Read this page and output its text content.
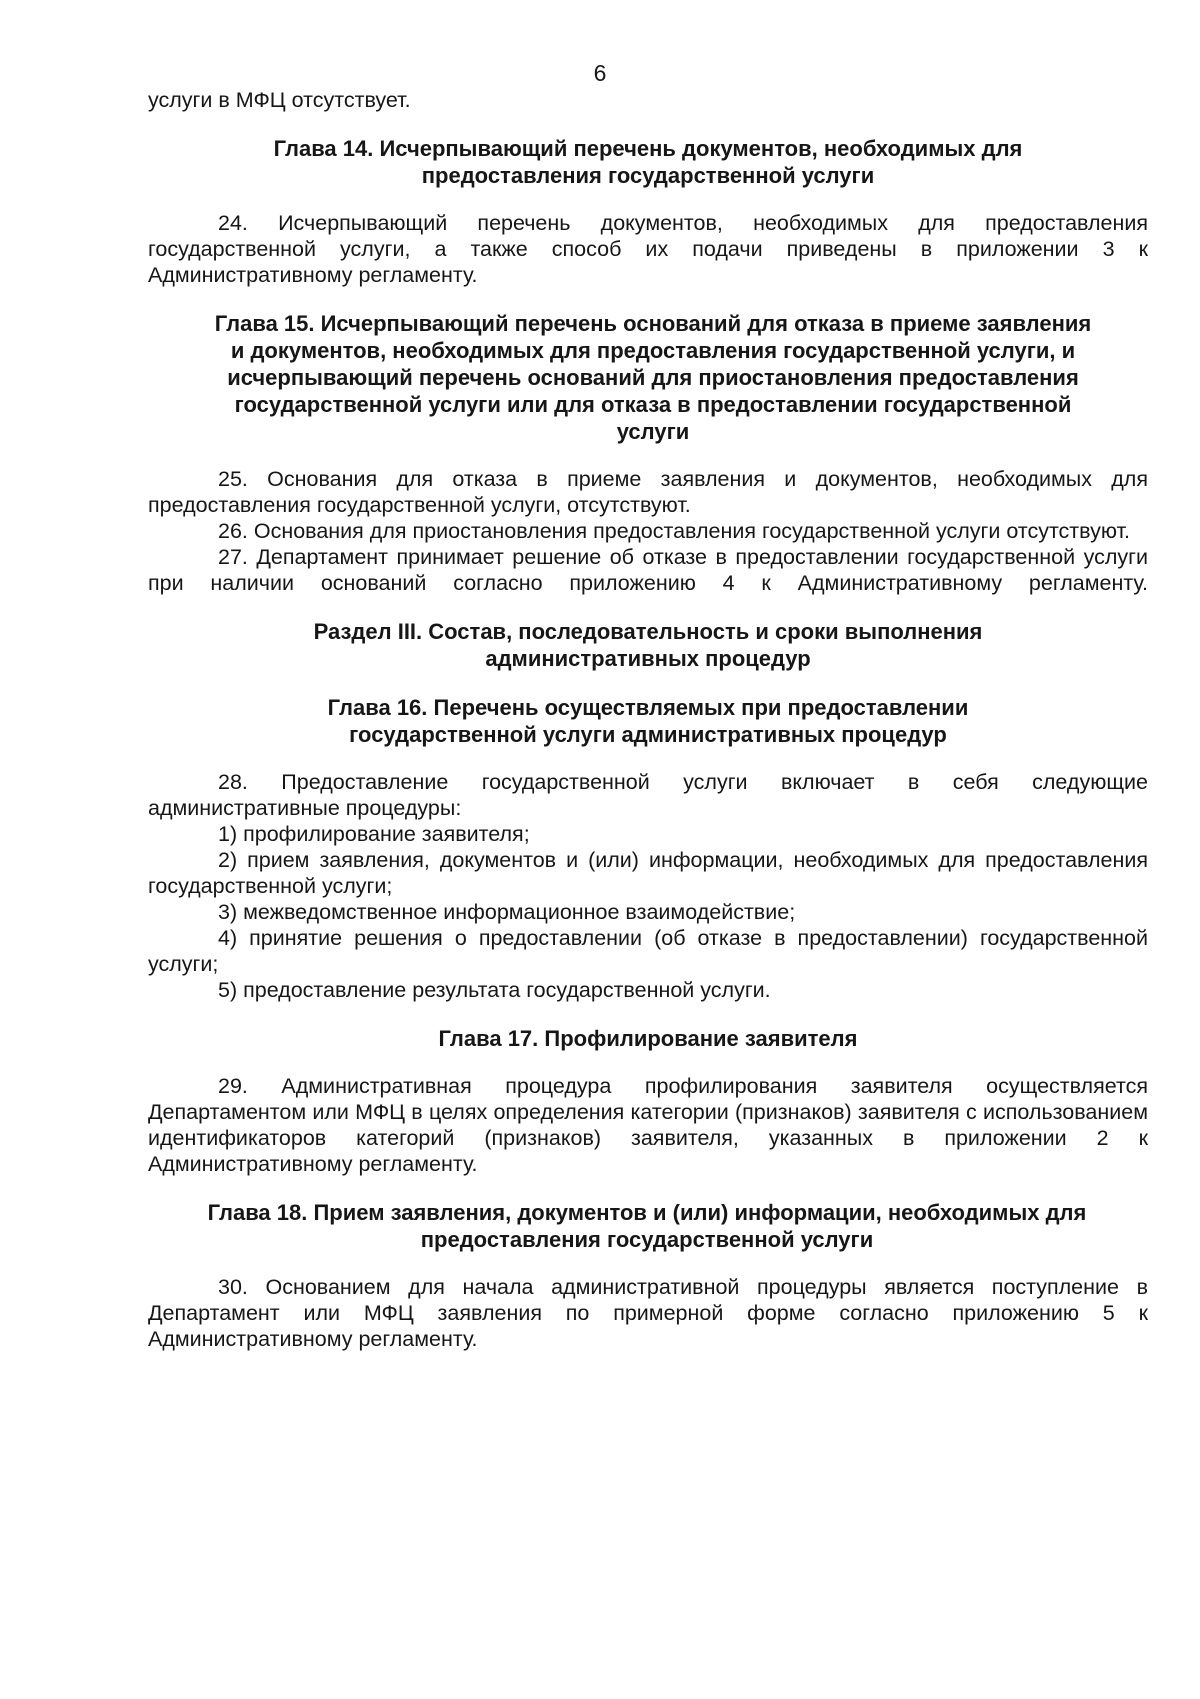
6

услуги в МФЦ отсутствует.

Глава 14. Исчерпывающий перечень документов, необходимых для
предоставления государственной услуги

24. Исчерпывающий перечень документов, необходимых для предоставления государственной услуги, а также способ их подачи приведены в приложении 3 к Административному регламенту.

Глава 15. Исчерпывающий перечень оснований для отказа в приеме заявления
и документов, необходимых для предоставления государственной услуги, и
исчерпывающий перечень оснований для приостановления предоставления
государственной услуги или для отказа в предоставлении государственной
услуги

25. Основания для отказа в приеме заявления и документов, необходимых для предоставления государственной услуги, отсутствуют.

26. Основания для приостановления предоставления государственной услуги отсутствуют.

27. Департамент принимает решение об отказе в предоставлении государственной услуги при наличии оснований согласно приложению 4 к Административному регламенту.

Раздел III. Состав, последовательность и сроки выполнения
административных процедур
Глава 16. Перечень осуществляемых при предоставлении
государственной услуги административных процедур

28. Предоставление государственной услуги включает в себя следующие административные процедуры:

1) профилирование заявителя;

2) прием заявления, документов и (или) информации, необходимых для предоставления государственной услуги;

3) межведомственное информационное взаимодействие;

4) принятие решения о предоставлении (об отказе в предоставлении) государственной услуги;

5) предоставление результата государственной услуги.

Глава 17. Профилирование заявителя

29. Административная процедура профилирования заявителя осуществляется Департаментом или МФЦ в целях определения категории (признаков) заявителя с использованием идентификаторов категорий (признаков) заявителя, указанных в приложении 2 к Административному регламенту.

Глава 18. Прием заявления, документов и (или) информации, необходимых для
предоставления государственной услуги

30. Основанием для начала административной процедуры является поступление в Департамент или МФЦ заявления по примерной форме согласно приложению 5 к Административному регламенту.
